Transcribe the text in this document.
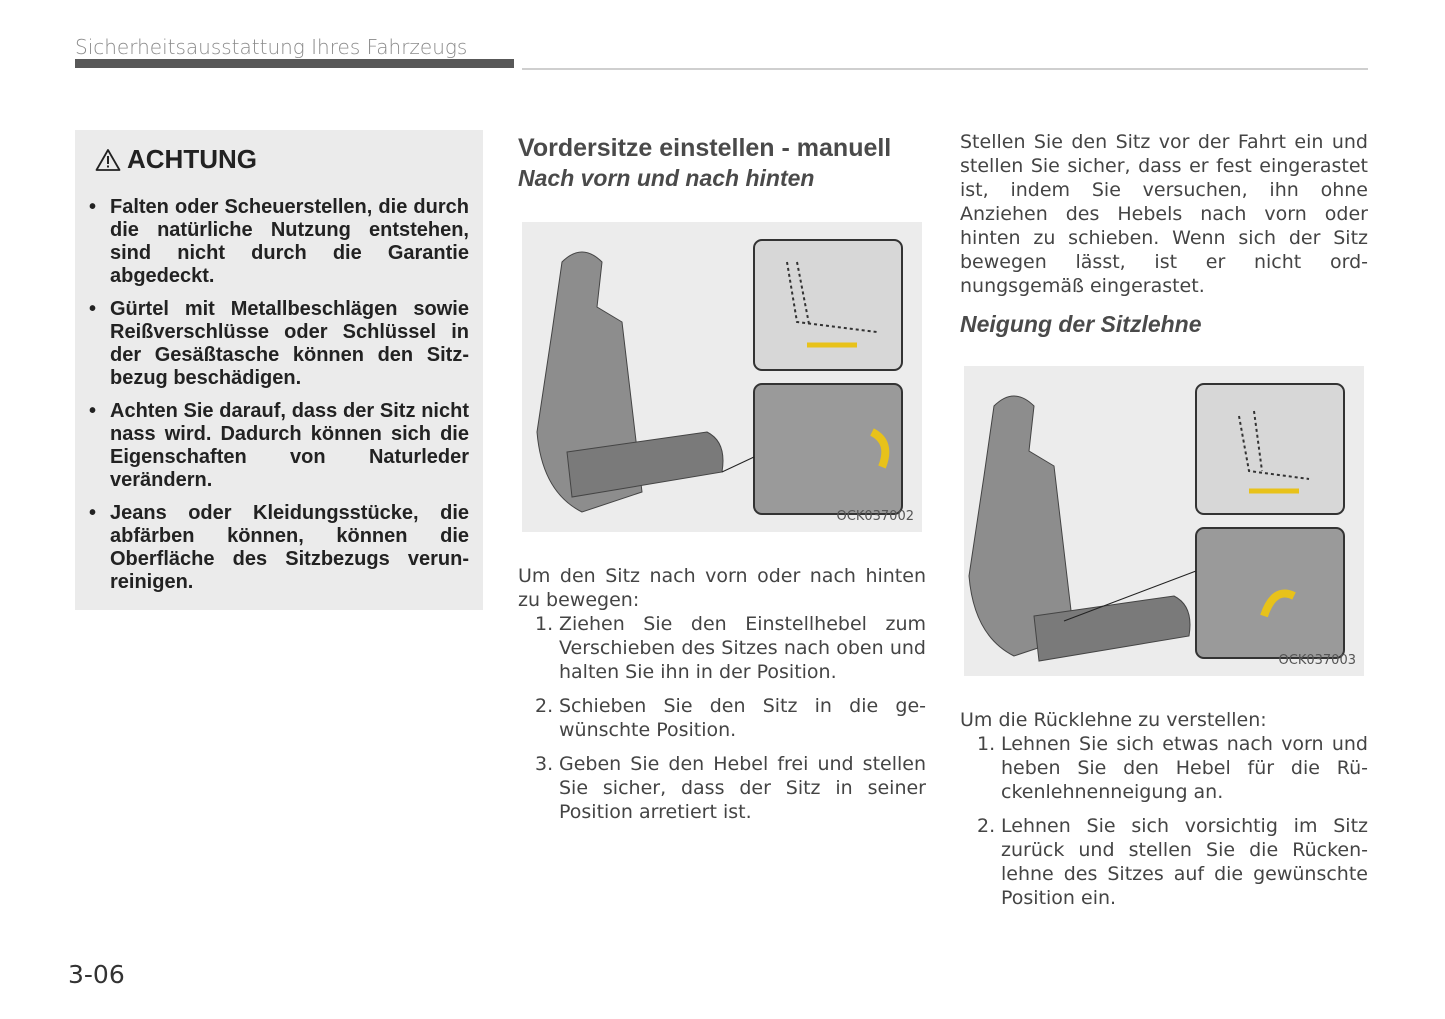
Sicherheitsausstattung Ihres Fahrzeugs
ACHTUNG
• Falten oder Scheuerstellen, die durch die natürliche Nutzung entstehen, sind nicht durch die Garantie abgedeckt.
• Gürtel mit Metallbeschlägen sowie Reißverschlüsse oder Schlüssel in der Gesäßtasche können den Sitzbezug beschädigen.
• Achten Sie darauf, dass der Sitz nicht nass wird. Dadurch können sich die Eigenschaften von Naturleder verändern.
• Jeans oder Kleidungsstücke, die abfärben können, können die Oberfläche des Sitzbezugs verunreinigen.
Vordersitze einstellen - manuell
Nach vorn und nach hinten
OCK037002

Um den Sitz nach vorn oder nach hinten zu bewegen:

1. Ziehen Sie den Einstellhebel zum Verschieben des Sitzes nach oben und halten Sie ihn in der Position.
2. Schieben Sie den Sitz in die gewünschte Position.
3. Geben Sie den Hebel frei und stellen Sie sicher, dass der Sitz in seiner Position arretiert ist.

Stellen Sie den Sitz vor der Fahrt ein und stellen Sie sicher, dass er fest eingerastet ist, indem Sie versuchen, ihn ohne Anziehen des Hebels nach vorn oder hinten zu schieben. Wenn sich der Sitz bewegen lässt, ist er nicht ordnungsgemäß eingerastet.

Neigung der Sitzlehne
OCK037003

Um die Rücklehne zu verstellen:

1. Lehnen Sie sich etwas nach vorn und heben Sie den Hebel für die Rückenlehnenneigung an.
2. Lehnen Sie sich vorsichtig im Sitz zurück und stellen Sie die Rückenlehne des Sitzes auf die gewünschte Position ein.
3-06
